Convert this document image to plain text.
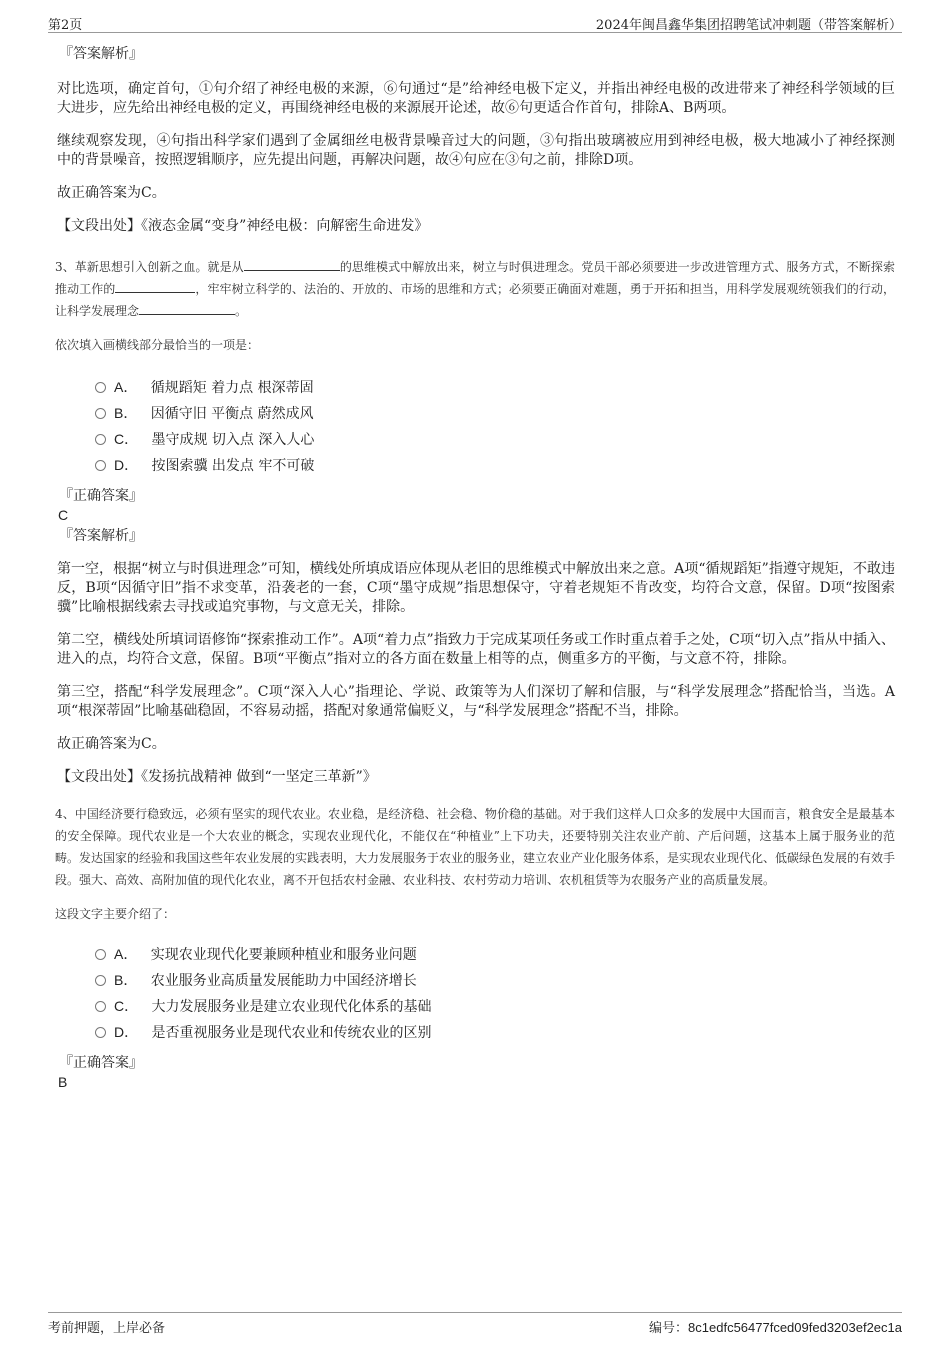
第2页	2024年闽昌鑫华集团招聘笔试冲刺题（带答案解析）
『答案解析』

对比选项，确定首句，①句介绍了神经电极的来源，⑥句通过“是”给神经电极下定义，并指出神经电极的改进带来了神经科学领域的巨大进步，应先给出神经电极的定义，再围绕神经电极的来源展开论述，故⑥句更适合作首句，排除A、B两项。

继续观察发现，④句指出科学家们遇到了金属细丝电极背景噪音过大的问题，③句指出玻璃被应用到神经电极，极大地减小了神经探测中的背景噪音，按照逻辑顺序，应先提出问题，再解决问题，故④句应在③句之前，排除D项。

故正确答案为C。

【文段出处】《液态金属“变身”神经电极：向解密生命进发》

3、革新思想引入创新之血。就是从	的思维模式中解放出来，树立与时俱进理念。党员干部必须要进一步改进管理方式、服务方式，不断探索推动工作的	，牢牢树立科学的、法治的、开放的、市场的思维和方式；必须要正确面对难题，勇于开拓和担当，用科学发展观统领我们的行动，让科学发展理念	。
依次填入画横线部分最恰当的一项是：
A． 循规蹈矩 着力点 根深蒂固
B． 因循守旧 平衡点 蔚然成风
C． 墨守成规 切入点 深入人心
D． 按图索骥 出发点 牢不可破
『正确答案』
C
『答案解析』

第一空，根据“树立与时俱进理念”可知，横线处所填成语应体现从老旧的思维模式中解放出来之意。A项“循规蹈矩”指遵守规矩，不敢违反，B项“因循守旧”指不求变革，沿袭老的一套，C项“墨守成规”指思想保守，守着老规矩不肯改变，均符合文意，保留。D项“按图索骥”比喻根据线索去寻找或追究事物，与文意无关，排除。

第二空，横线处所填词语修饰“探索推动工作”。A项“着力点”指致力于完成某项任务或工作时重点着手之处，C项“切入点”指从中插入、进入的点，均符合文意，保留。B项“平衡点”指对立的各方面在数量上相等的点，侧重多方的平衡，与文意不符，排除。

第三空，搭配“科学发展理念”。C项“深入人心”指理论、学说、政策等为人们深切了解和信服，与“科学发展理念”搭配恰当，当选。A项“根深蒂固”比喻基础稳固，不容易动摇，搭配对象通常偏贬义，与“科学发展理念”搭配不当，排除。

故正确答案为C。

【文段出处】《发扬抗战精神 做到“一坚定三革新”》

4、中国经济要行稳致远，必须有坚实的现代农业。农业稳，是经济稳、社会稳、物价稳的基础。对于我们这样人口众多的发展中大国而言，粮食安全是最基本的安全保障。现代农业是一个大农业的概念，实现农业现代化，不能仅在“种植业”上下功夫，还要特别关注农业产前、产后问题，这基本上属于服务业的范畴。发达国家的经验和我国这些年农业发展的实践表明，大力发展服务于农业的服务业，建立农业产业化服务体系，是实现农业现代化、低碳绿色发展的有效手段。强大、高效、高附加值的现代化农业，离不开包括农村金融、农业科技、农村劳动力培训、农机租赁等为农服务产业的高质量发展。
这段文字主要介绍了：
A． 实现农业现代化要兼顾种植业和服务业问题
B． 农业服务业高质量发展能助力中国经济增长
C． 大力发展服务业是建立农业现代化体系的基础
D． 是否重视服务业是现代农业和传统农业的区别
『正确答案』
B
考前押题，上岸必备	编号：8c1edfc56477fced09fed3203ef2ec1a
